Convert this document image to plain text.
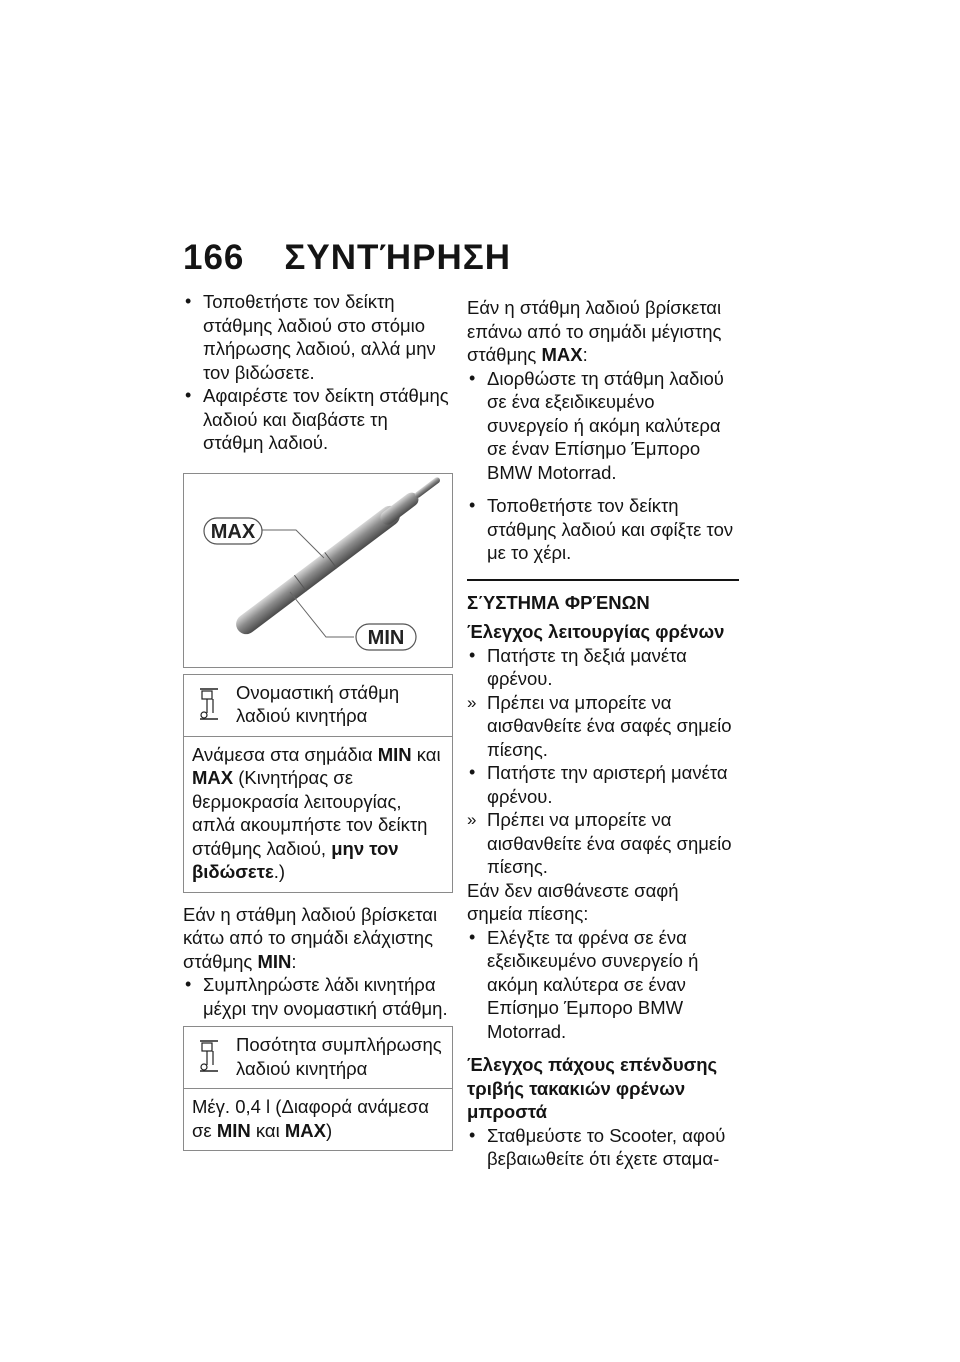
166 ΣΥΝΤΉΡΗΣΗ
•
Τοποθετήστε τον δείκτη στάθμης λαδιού στο στόμιο πλήρωσης λαδιού, αλλά μην τον βιδώσετε.
•
Αφαιρέστε τον δείκτη στάθμης λαδιού και διαβάστε τη στάθμη λαδιού.
MAX
MIN
Ονομαστική στάθμη λαδιού κινητήρα
Ανάμεσα στα σημάδια MIN και MAX (Κινητήρας σε θερμοκρασία λειτουργίας, απλά ακουμπήστε τον δείκτη στάθμης λαδιού, μην τον βιδώσετε.)

Εάν η στάθμη λαδιού βρίσκεται κάτω από το σημάδι ελάχιστης στάθμης MIN:

•
Συμπληρώστε λάδι κινητήρα μέχρι την ονομαστική στάθμη.
Ποσότητα συμπλήρωσης λαδιού κινητήρα
Μέγ. 0,4 l (Διαφορά ανάμεσα σε MIN και MAX)

Εάν η στάθμη λαδιού βρίσκεται επάνω από το σημάδι μέγιστης στάθμης MAX:

•
Διορθώστε τη στάθμη λαδιού σε ένα εξειδικευμένο συνεργείο ή ακόμη καλύτερα σε έναν Επίσημο Έμπορο BMW Motorrad.
•
Τοποθετήστε τον δείκτη στάθμης λαδιού και σφίξτε τον με το χέρι.
ΣΎΣΤΗΜΑ ΦΡΈΝΩΝ
Έλεγχος λειτουργίας φρένων
•
Πατήστε τη δεξιά μανέτα φρένου.
» Πρέπει να μπορείτε να αισθανθείτε ένα σαφές σημείο πίεσης.
•
Πατήστε την αριστερή μανέτα φρένου.
» Πρέπει να μπορείτε να αισθανθείτε ένα σαφές σημείο πίεσης.

Εάν δεν αισθάνεστε σαφή σημεία πίεσης:

•
Ελέγξτε τα φρένα σε ένα εξειδικευμένο συνεργείο ή ακόμη καλύτερα σε έναν Επίσημο Έμπορο BMW Motorrad.
Έλεγχος πάχους επένδυσης τριβής τακακιών φρένων μπροστά
•
Σταθμεύστε το Scooter, αφού βεβαιωθείτε ότι έχετε σταμα-
